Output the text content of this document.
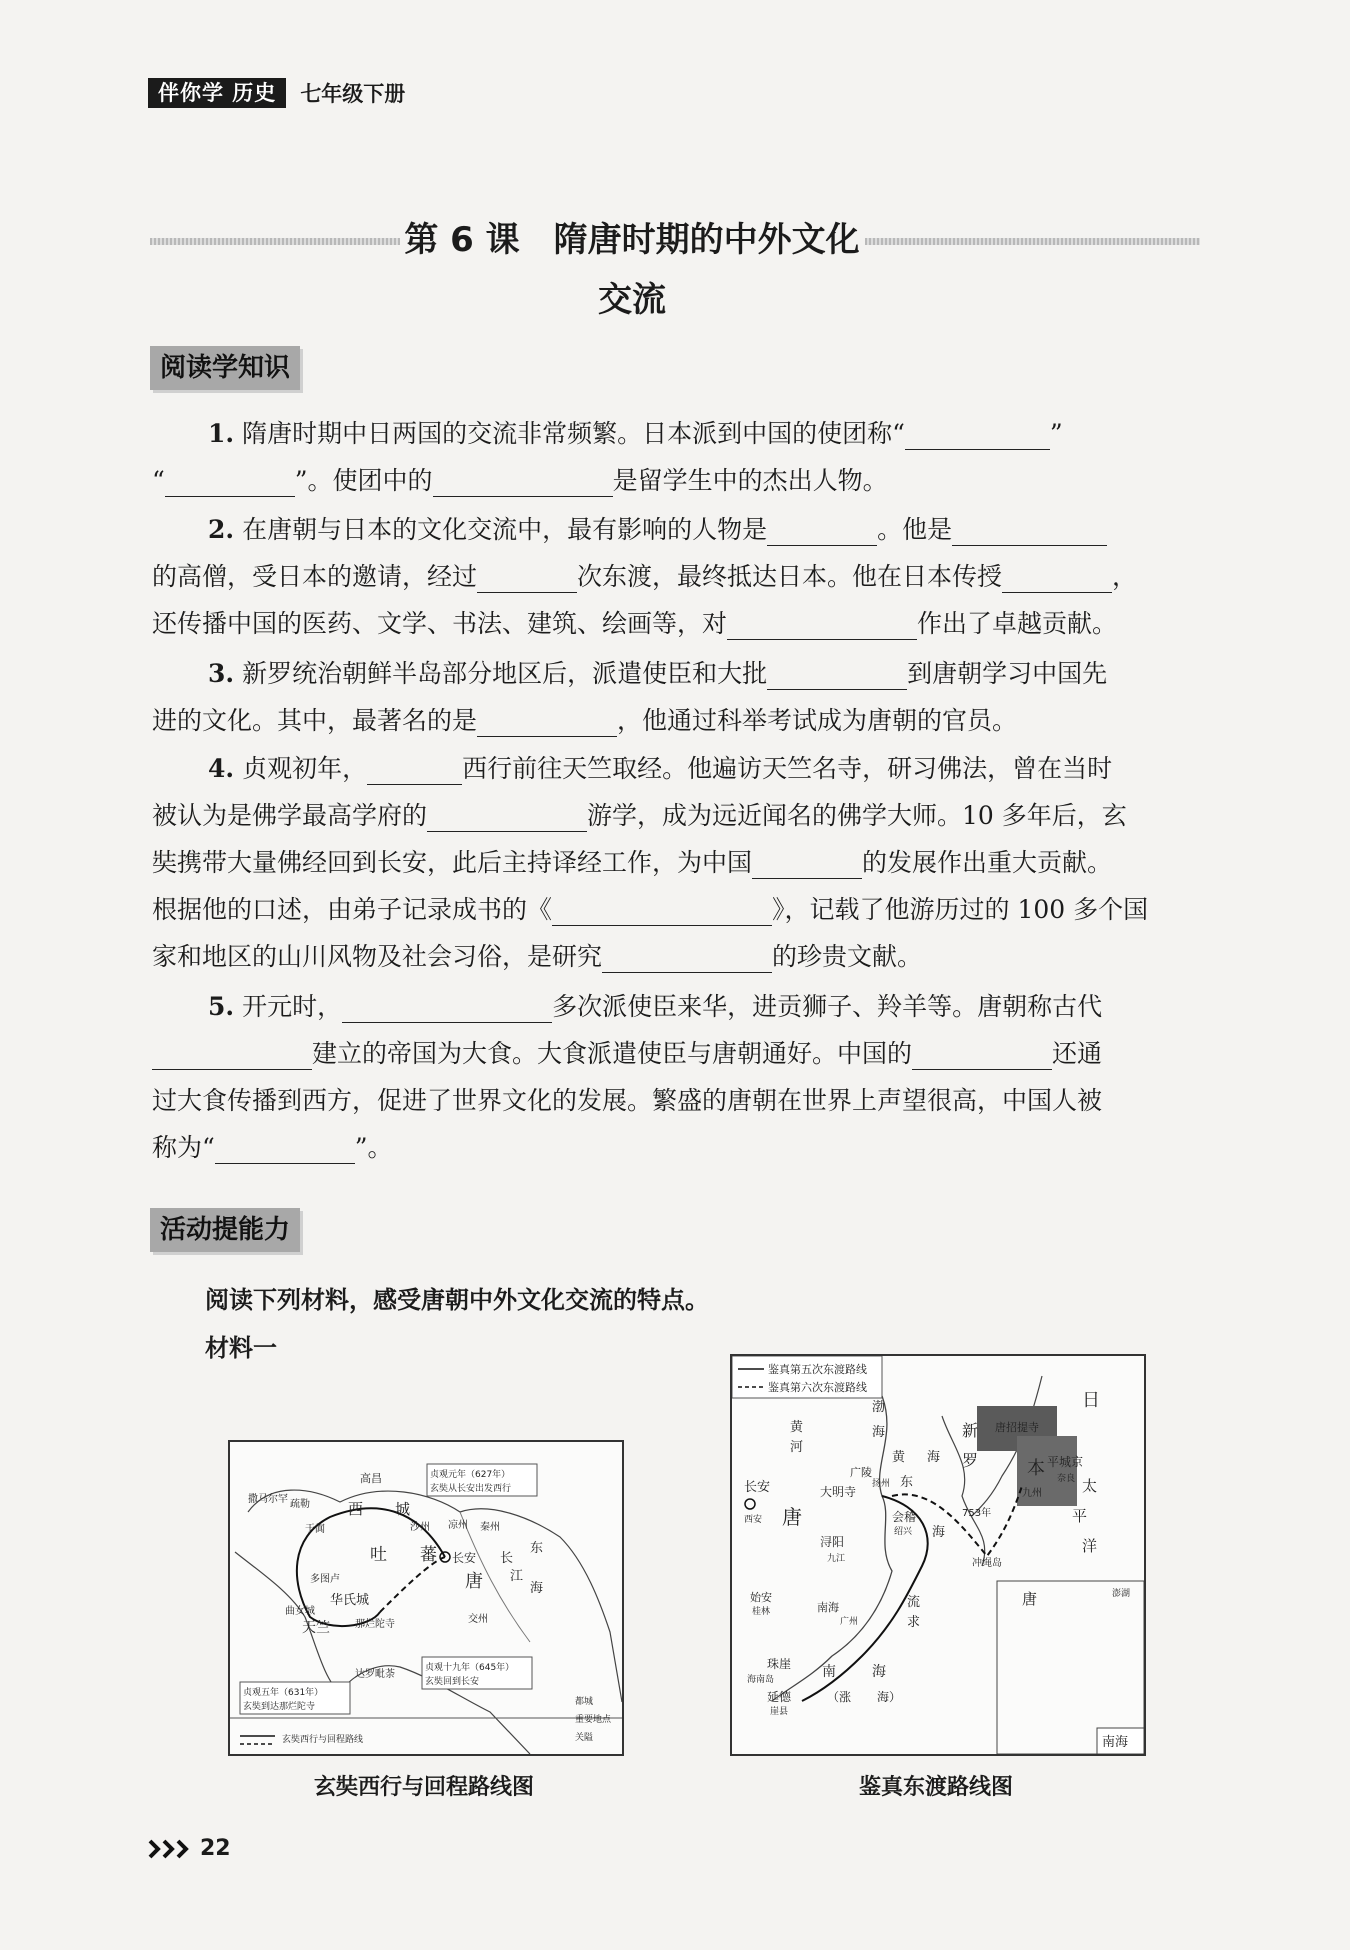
伴你学 历史	七年级下册
第 6 课　隋唐时期的中外文化交流
阅读学知识
1. 隋唐时期中日两国的交流非常频繁。日本派到中国的使团称“	”
“	”。使团中的	是留学生中的杰出人物。
2. 在唐朝与日本的文化交流中，最有影响的人物是	。他是
的高僧，受日本的邀请，经过	次东渡，最终抵达日本。他在日本传授	，
还传播中国的医药、文学、书法、建筑、绘画等，对	作出了卓越贡献。
3. 新罗统治朝鲜半岛部分地区后，派遣使臣和大批	到唐朝学习中国先
进的文化。其中，最著名的是	，他通过科举考试成为唐朝的官员。
4. 贞观初年，	西行前往天竺取经。他遍访天竺名寺，研习佛法，曾在当时
被认为是佛学最高学府的	游学，成为远近闻名的佛学大师。10 多年后，玄
奘携带大量佛经回到长安，此后主持译经工作，为中国	的发展作出重大贡献。
根据他的口述，由弟子记录成书的《	》，记载了他游历过的 100 多个国
家和地区的山川风物及社会习俗，是研究	的珍贵文献。
5. 开元时，	多次派使臣来华，进贡狮子、羚羊等。唐朝称古代
建立的帝国为大食。大食派遣使臣与唐朝通好。中国的	还通
过大食传播到西方，促进了世界文化的发展。繁盛的唐朝在世界上声望很高，中国人被
称为“	”。
活动提能力
阅读下列材料，感受唐朝中外文化交流的特点。
材料一
高昌	贞观元年（627年）
玄奘从长安出发西行
西 城
吐 蕃
唐
长安
沙州 凉州 秦州
于阗
疏勒
撒马尔罕
多图卢
华氏城
天竺
曲女城
那烂陀寺
达罗毗荼
交州
东
海
长
江
贞观五年（631年）
玄奘到达那烂陀寺
贞观十九年（645年）
玄奘回到长安
都城
重要地点
关隘
玄奘西行与回程路线
玄奘西行与回程路线图
鉴真第五次东渡路线
鉴真第六次东渡路线
黄
河
渤
海
黄 海
新
罗
唐招提寺
日
本 平城京
奈良
九州	太
平
洋
长安
西安 唐
大明寺
广陵
扬州
浔阳
九江
会稽
绍兴
753年
冲绳岛
东
海
流
求
始安
桂林	南海
广州
珠崖
海南岛
延德
崖县
南	海
（涨 海）
唐	澎湖
南海
鉴真东渡路线图
22
